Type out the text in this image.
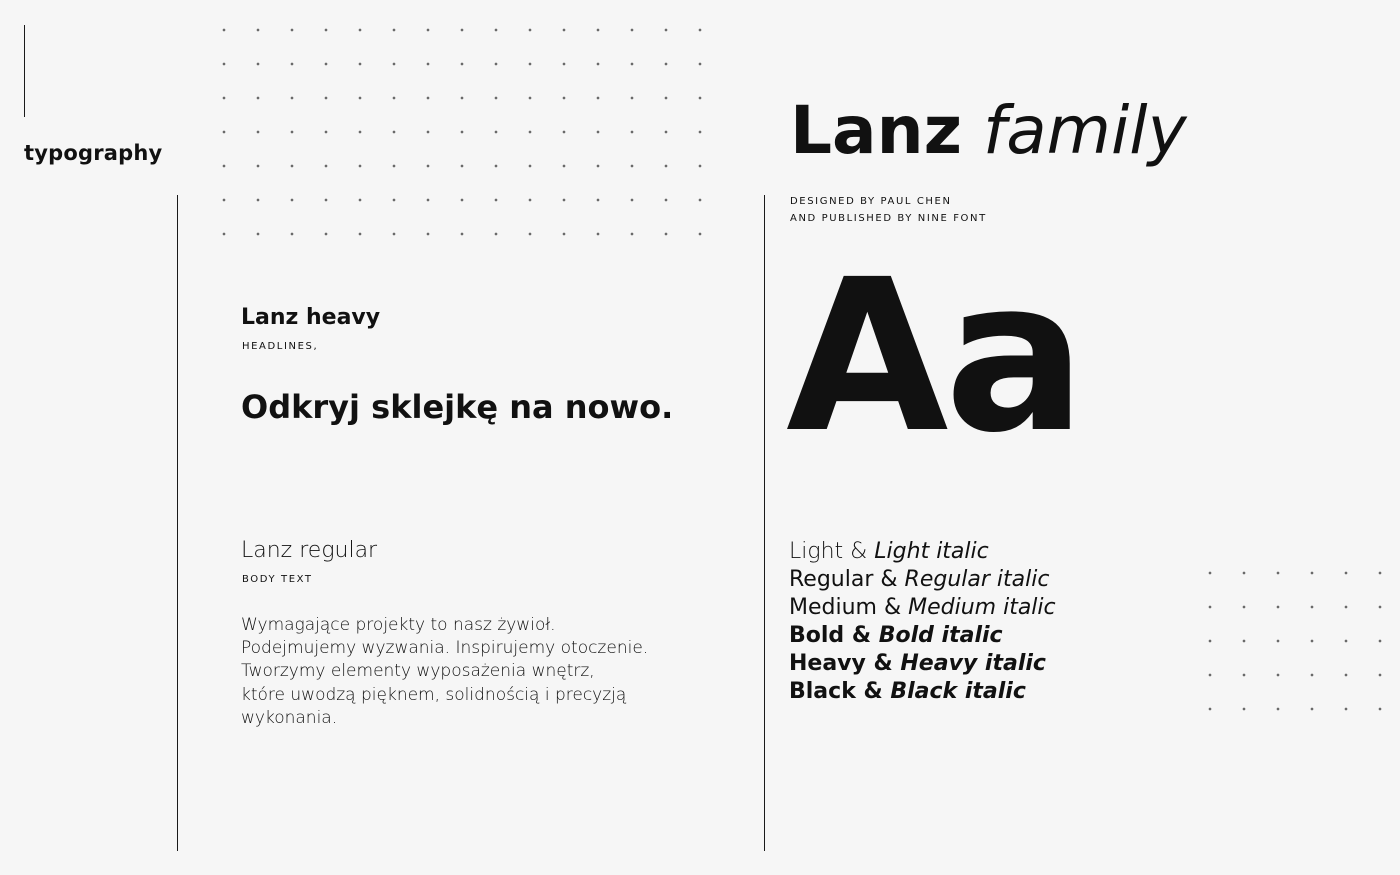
typography
Lanz heavy
HEADLINES,
Odkryj sklejkę na nowo.
Lanz regular
BODY TEXT
Wymagające projekty to nasz żywioł.
Podejmujemy wyzwania. Inspirujemy otoczenie.
Tworzymy elementy wyposażenia wnętrz,
które uwodzą pięknem, solidnością i precyzją
wykonania.
Lanz family
DESIGNED BY PAUL CHEN
AND PUBLISHED BY NINE FONT
Aa
Light & Light italic
Regular & Regular italic
Medium & Medium italic
Bold & Bold italic
Heavy & Heavy italic
Black & Black italic
